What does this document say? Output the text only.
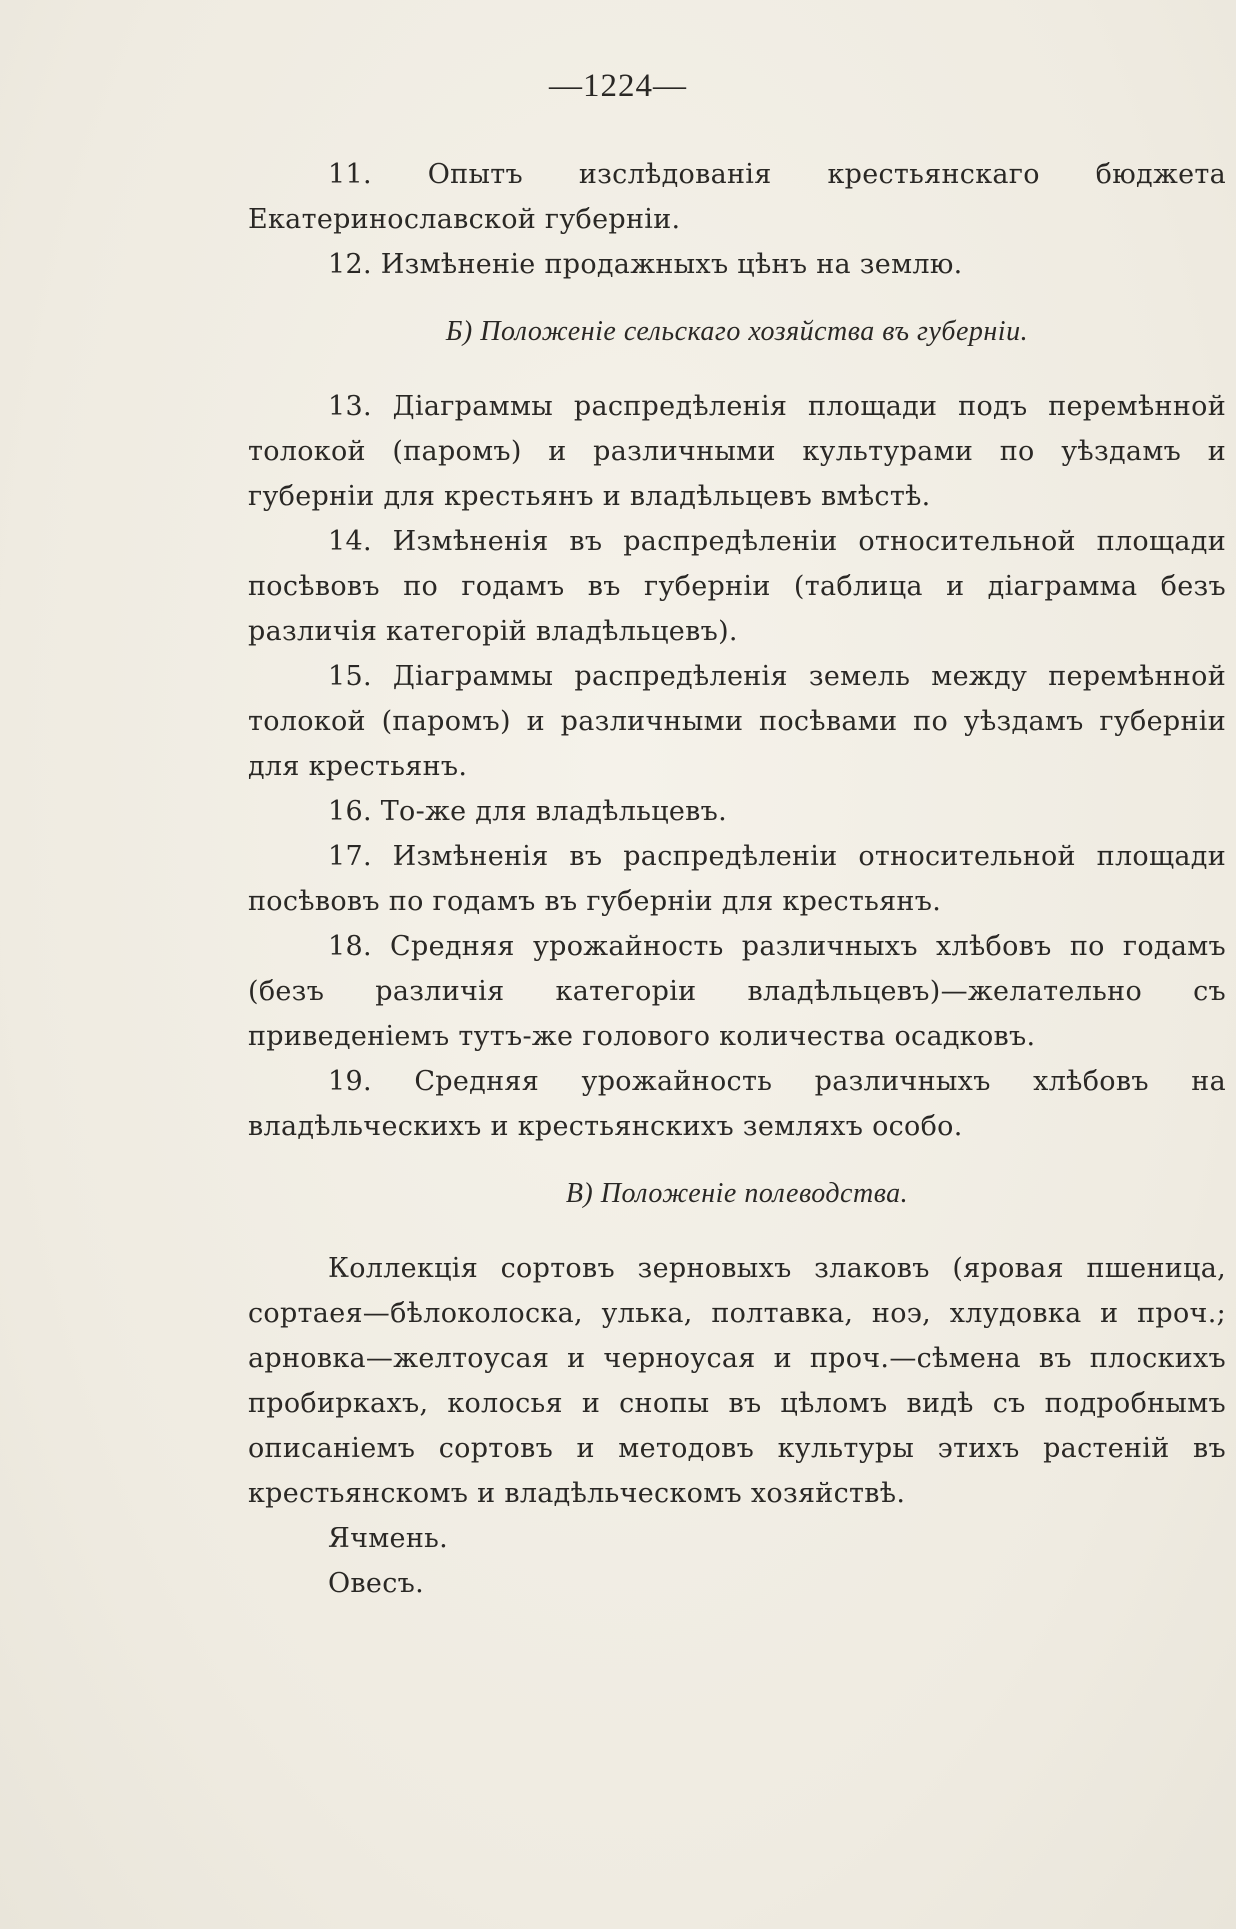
—1224—

11. Опытъ изслѣдованія крестьянскаго бюджета Екатеринославской губерніи.

12. Измѣненіе продажныхъ цѣнъ на землю.

Б) Положеніе сельскаго хозяйства въ губерніи.

13. Діаграммы распредѣленія площади подъ перемѣнной толокой (паромъ) и различными культурами по уѣздамъ и губерніи для крестьянъ и владѣльцевъ вмѣстѣ.

14. Измѣненія въ распредѣленіи относительной площади посѣвовъ по годамъ въ губерніи (таблица и діаграмма безъ различія категорій владѣльцевъ).

15. Діаграммы распредѣленія земель между перемѣнной толокой (паромъ) и различными посѣвами по уѣздамъ губерніи для крестьянъ.

16. То-же для владѣльцевъ.

17. Измѣненія въ распредѣленіи относительной площади посѣвовъ по годамъ въ губерніи для крестьянъ.

18. Средняя урожайность различныхъ хлѣбовъ по годамъ (безъ различія категоріи владѣльцевъ)—желательно съ приведеніемъ тутъ-же голового количества осадковъ.

19. Средняя урожайность различныхъ хлѣбовъ на владѣльческихъ и крестьянскихъ земляхъ особо.

В) Положеніе полеводства.

Коллекція сортовъ зерновыхъ злаковъ (яровая пшеница, сортаея—бѣлоколоска, улька, полтавка, ноэ, хлудовка и проч.; арновка—желтоусая и черноусая и проч.—сѣмена въ плоскихъ пробиркахъ, колосья и снопы въ цѣломъ видѣ съ подробнымъ описаніемъ сортовъ и методовъ культуры этихъ растеній въ крестьянскомъ и владѣльческомъ хозяйствѣ.

Ячмень.

Овесъ.
